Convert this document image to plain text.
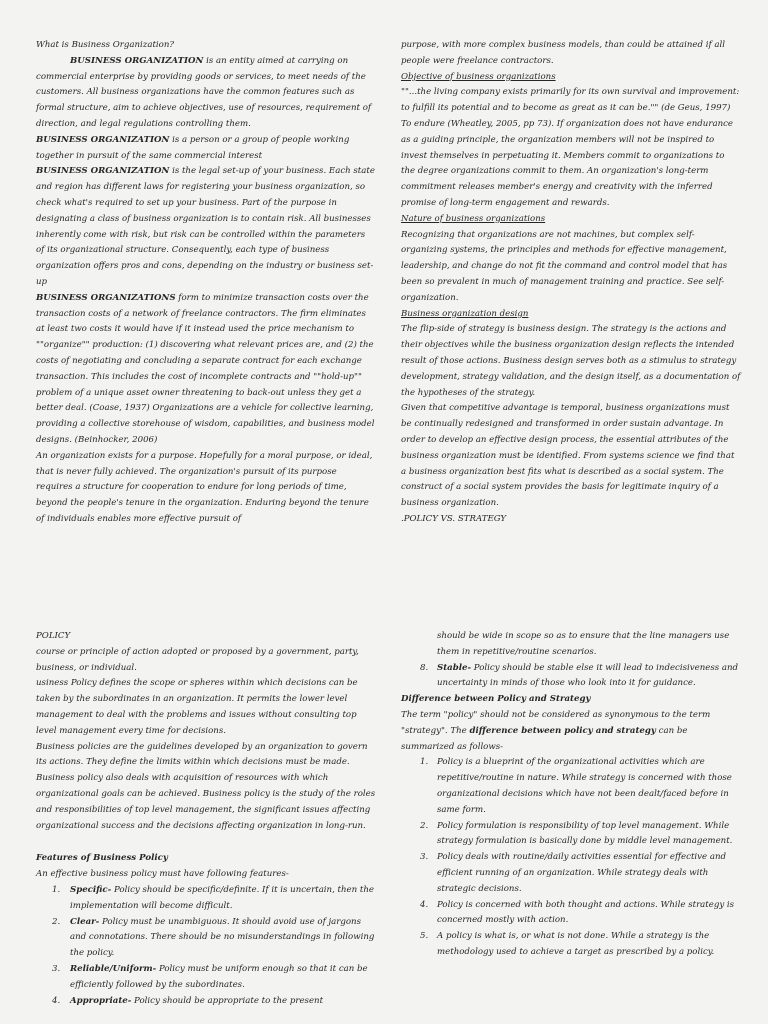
What is Business Organization?

BUSINESS ORGANIZATION is an entity aimed at carrying on commercial enterprise by providing goods or services, to meet needs of the customers. All business organizations have the common features such as formal structure, aim to achieve objectives, use of resources, requirement of direction, and legal regulations controlling them.

BUSINESS ORGANIZATION is a person or a group of people working together in pursuit of the same commercial interest

BUSINESS ORGANIZATION is the legal set-up of your business. Each state and region has different laws for registering your business organization, so check what's required to set up your business. Part of the purpose in designating a class of business organization is to contain risk. All businesses inherently come with risk, but risk can be controlled within the parameters of its organizational structure. Consequently, each type of business organization offers pros and cons, depending on the industry or business set-up

BUSINESS ORGANIZATIONS form to minimize transaction costs over the transaction costs of a network of freelance contractors. The firm eliminates at least two costs it would have if it instead used the price mechanism to ""organize"" production: (1) discovering what relevant prices are, and (2) the costs of negotiating and concluding a separate contract for each exchange transaction. This includes the cost of incomplete contracts and ""hold-up"" problem of a unique asset owner threatening to back-out unless they get a better deal. (Coase, 1937) Organizations are a vehicle for collective learning, providing a collective storehouse of wisdom, capabilities, and business model designs. (Beinhocker, 2006)

An organization exists for a purpose. Hopefully for a moral purpose, or ideal, that is never fully achieved. The organization's pursuit of its purpose requires a structure for cooperation to endure for long periods of time, beyond the people's tenure in the organization. Enduring beyond the tenure of individuals enables more effective pursuit of

purpose, with more complex business models, than could be attained if all people were freelance contractors.

Objective of business organizations

""...the living company exists primarily for its own survival and improvement: to fulfill its potential and to become as great as it can be."" (de Geus, 1997)

To endure (Wheatley, 2005, pp 73). If organization does not have endurance as a guiding principle, the organization members will not be inspired to invest themselves in perpetuating it. Members commit to organizations to the degree organizations commit to them. An organization's long-term commitment releases member's energy and creativity with the inferred promise of long-term engagement and rewards.

Nature of business organizations

Recognizing that organizations are not machines, but complex self-organizing systems, the principles and methods for effective management, leadership, and change do not fit the command and control model that has been so prevalent in much of management training and practice. See self-organization.

Business organization design

The flip-side of strategy is business design. The strategy is the actions and their objectives while the business organization design reflects the intended result of those actions. Business design serves both as a stimulus to strategy development, strategy validation, and the design itself, as a documentation of the hypotheses of the strategy.

Given that competitive advantage is temporal, business organizations must be continually redesigned and transformed in order sustain advantage. In order to develop an effective design process, the essential attributes of the business organization must be identified. From systems science we find that a business organization best fits what is described as a social system. The construct of a social system provides the basis for legitimate inquiry of a business organization.

.POLICY VS. STRATEGY

POLICY

course or principle of action adopted or proposed by a government, party, business, or individual.

usiness Policy defines the scope or spheres within which decisions can be taken by the subordinates in an organization. It permits the lower level management to deal with the problems and issues without consulting top level management every time for decisions.

Business policies are the guidelines developed by an organization to govern its actions. They define the limits within which decisions must be made. Business policy also deals with acquisition of resources with which organizational goals can be achieved. Business policy is the study of the roles and responsibilities of top level management, the significant issues affecting organizational success and the decisions affecting organization in long-run.

Features of Business Policy

An effective business policy must have following features-

1. Specific- Policy should be specific/definite. If it is uncertain, then the implementation will become difficult.
2. Clear- Policy must be unambiguous. It should avoid use of jargons and connotations. There should be no misunderstandings in following the policy.
3. Reliable/Uniform- Policy must be uniform enough so that it can be efficiently followed by the subordinates.
4. Appropriate- Policy should be appropriate to the present

should be wide in scope so as to ensure that the line managers use them in repetitive/routine scenarios.

8. Stable- Policy should be stable else it will lead to indecisiveness and uncertainty in minds of those who look into it for guidance.

Difference between Policy and Strategy

The term "policy" should not be considered as synonymous to the term "strategy". The difference between policy and strategy can be summarized as follows-

1. Policy is a blueprint of the organizational activities which are repetitive/routine in nature. While strategy is concerned with those organizational decisions which have not been dealt/faced before in same form.
2. Policy formulation is responsibility of top level management. While strategy formulation is basically done by middle level management.
3. Policy deals with routine/daily activities essential for effective and efficient running of an organization. While strategy deals with strategic decisions.
4. Policy is concerned with both thought and actions. While strategy is concerned mostly with action.
5. A policy is what is, or what is not done. While a strategy is the methodology used to achieve a target as prescribed by a policy.
